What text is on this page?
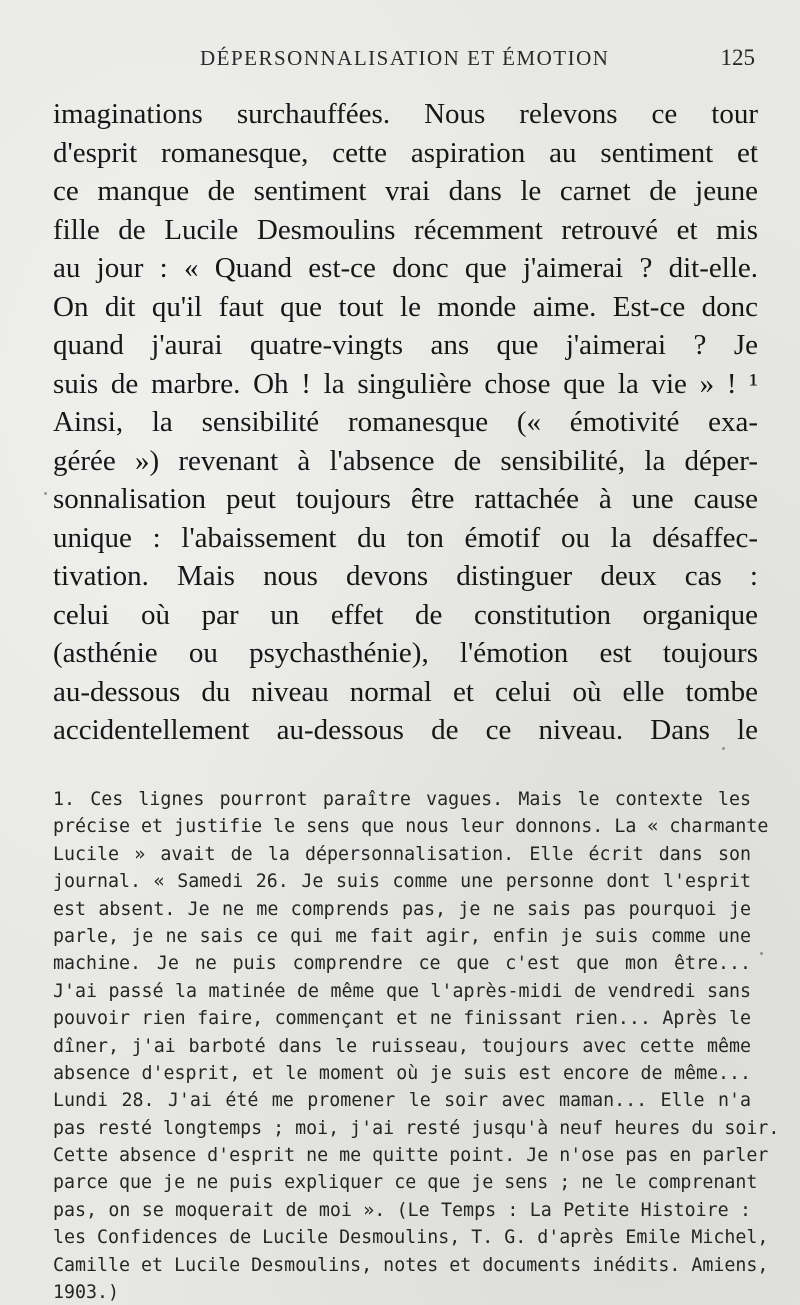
DÉPERSONNALISATION ET ÉMOTION	125
imaginations surchauffées. Nous relevons ce tour
d'esprit romanesque, cette aspiration au sentiment et
ce manque de sentiment vrai dans le carnet de jeune
fille de Lucile Desmoulins récemment retrouvé et mis
au jour : « Quand est-ce donc que j'aimerai ? dit-elle.
On dit qu'il faut que tout le monde aime. Est-ce donc
quand j'aurai quatre-vingts ans que j'aimerai ? Je
suis de marbre. Oh ! la singulière chose que la vie » ! ¹
Ainsi, la sensibilité romanesque (« émotivité exa-
gérée ») revenant à l'absence de sensibilité, la déper-
sonnalisation peut toujours être rattachée à une cause
unique : l'abaissement du ton émotif ou la désaffec-
tivation. Mais nous devons distinguer deux cas :
celui où par un effet de constitution organique
(asthénie ou psychasthénie), l'émotion est toujours
au-dessous du niveau normal et celui où elle tombe
accidentellement au-dessous de ce niveau. Dans le
1. Ces lignes pourront paraître vagues. Mais le contexte les
précise et justifie le sens que nous leur donnons. La « charmante
Lucile » avait de la dépersonnalisation. Elle écrit dans son
journal. « Samedi 26. Je suis comme une personne dont l'esprit
est absent. Je ne me comprends pas, je ne sais pas pourquoi je
parle, je ne sais ce qui me fait agir, enfin je suis comme une
machine. Je ne puis comprendre ce que c'est que mon être...
J'ai passé la matinée de même que l'après-midi de vendredi sans
pouvoir rien faire, commençant et ne finissant rien... Après le
dîner, j'ai barboté dans le ruisseau, toujours avec cette même
absence d'esprit, et le moment où je suis est encore de même...
Lundi 28. J'ai été me promener le soir avec maman... Elle n'a
pas resté longtemps ; moi, j'ai resté jusqu'à neuf heures du soir.
Cette absence d'esprit ne me quitte point. Je n'ose pas en parler
parce que je ne puis expliquer ce que je sens ; ne le comprenant
pas, on se moquerait de moi ». (Le Temps : La Petite Histoire :
les Confidences de Lucile Desmoulins, T. G. d'après Emile Michel,
Camille et Lucile Desmoulins, notes et documents inédits. Amiens,
1903.)
